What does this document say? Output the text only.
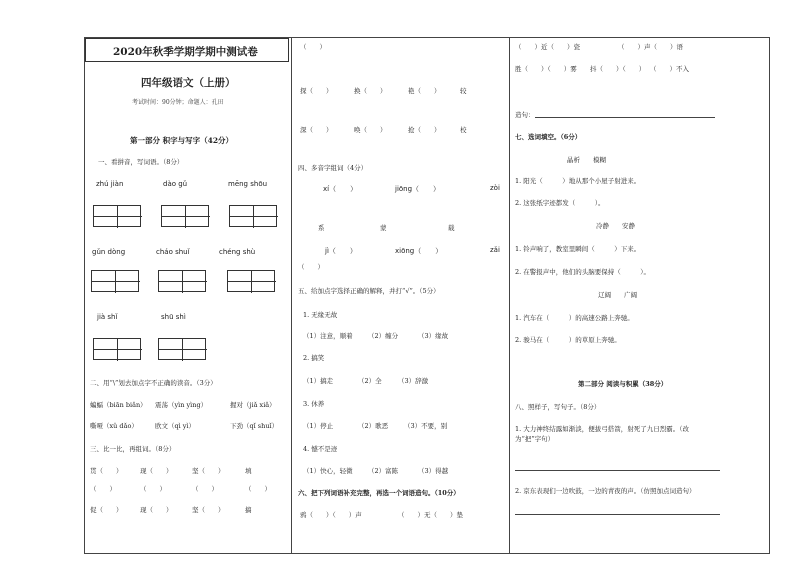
2020年秋季学期学期中测试卷
四年级语文（上册）
考试时间：90分钟；命题人：孔田
第一部分 积字与写字（42分）
一、看拼音，写词语。（8分）
zhú jiàn	dào gǔ	mēng shōu
gǔn dòng	cháo shuǐ	chéng shù
jià shǐ	shū shì
二、用“\”划去加点字不正确的读音。（3分）
蝙蝠（biān biǎn） 震荡（yìn yìng）	握对（jiǎ xiǎ）
嘶哑（xǔ dǎo）	欧文（qì yì）	下劲（qǐ shuǐ）
三、比一比，再组词。（8分）
贯（　　）	现（　　）	坚（　　）	填
（　　）	（　　）	（　　）	（　　）
促（　　）	现（　　）	坚（　　）	搞
（　　）
探（　　）	换（　　）	艳（　　）	较
深（　　）	唤（　　）	抢（　　）	校
四、多音字组词（4分）
xí（　　）	jiōng（　　）	zòi
系	蒙	载
jì（　　）	xiōng（　　）	zǎi
（　　）
五、给加点字选择正确的解释，并打“√”。（5分）
1. 无缘无故
（1）注意，顺着 （2）缠分	（3）缘故
2. 搞笑
（1）搞走	（2）全	（3）辞激
3. 休养
（1）停止	（2）歌恶 （3）不要，别
4. 憾不是迹
（1）快心，轻微 （2）富陈	（3）得越
六、把下列词语补充完整，再选一个词语造句。（10分）
鸦（　　）（　　）声	（　　）无（　　）垫
（　　）近（　　）瓷	（　　）声（　　）语
胜（　　）（　　）雾 抖（　　）（　　） （　　）不入
造句：
七、选词填空。（6分）
晶析　　模糊
1. 阳光（　　　）地从那个小屋子射进来。
2. 这张纸字迹都发（　　　）。
冷静　　安静
1. 铃声响了，教室里瞬间（　　　）下来。
2. 在警报声中，他们的头脑要保持（　　　）。
辽阔　　广阔
1. 汽车在（　　　）的高速公路上奔驰。
2. 骏马在（　　　）的草原上奔驰。
第二部分 阅读与积累（38分）
八、照样子，写句子。（8分）
1. 大力神终结露如渐淡，便拔弓搭箭，射死了九日烈霸。（改为“把”字句）
2. 京东表现们一边吹鼓，一边的青夜的声。（仿照加点词造句）
